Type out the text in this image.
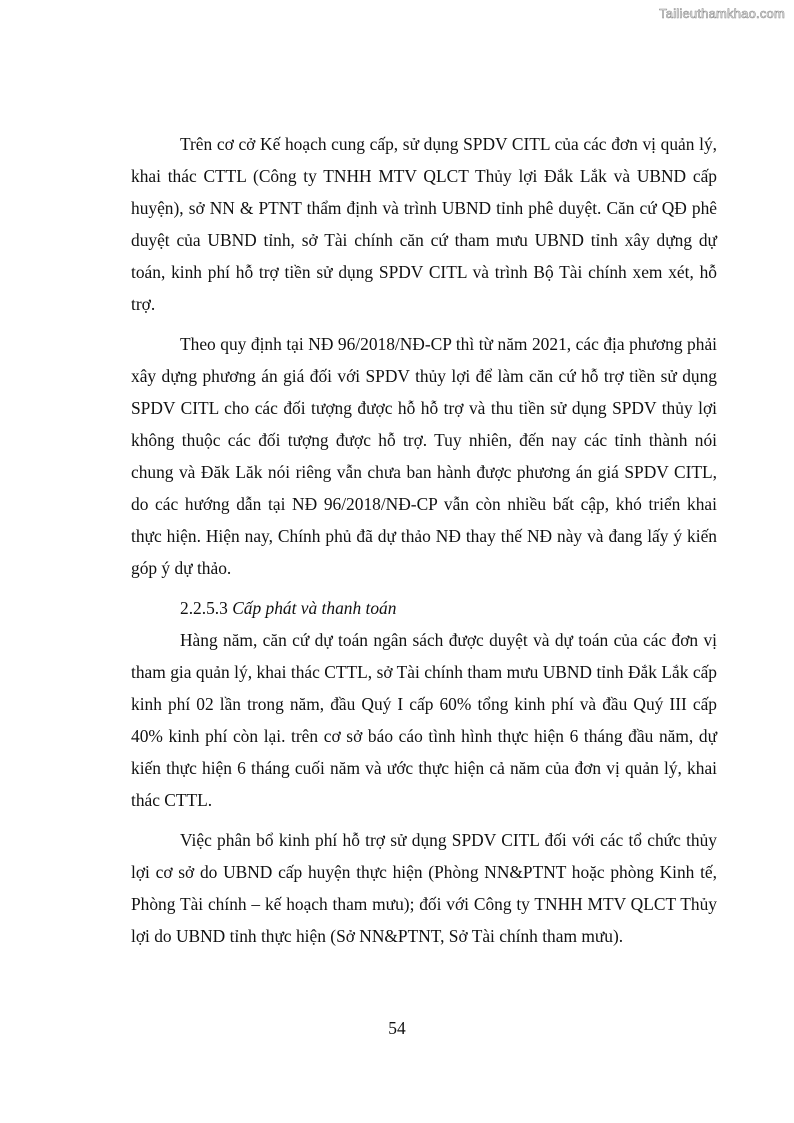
Tailieuthamkhao.com

Trên cơ cở Kế hoạch cung cấp, sử dụng SPDV CITL của các đơn vị quản lý, khai thác CTTL (Công ty TNHH MTV QLCT Thủy lợi Đắk Lắk và UBND cấp huyện), sở NN & PTNT thẩm định và trình UBND tỉnh phê duyệt. Căn cứ QĐ phê duyệt của UBND tỉnh, sở Tài chính căn cứ tham mưu UBND tỉnh xây dựng dự toán, kinh phí hỗ trợ tiền sử dụng SPDV CITL và trình Bộ Tài chính xem xét, hỗ trợ.

Theo quy định tại NĐ 96/2018/NĐ-CP thì từ năm 2021, các địa phương phải xây dựng phương án giá đối với SPDV thủy lợi để làm căn cứ hỗ trợ tiền sử dụng SPDV CITL cho các đối tượng được hỗ hỗ trợ và thu tiền sử dụng SPDV thủy lợi không thuộc các đối tượng được hỗ trợ. Tuy nhiên, đến nay các tỉnh thành nói chung và Đăk Lăk nói riêng vẫn chưa ban hành được phương án giá SPDV CITL, do các hướng dẫn tại NĐ 96/2018/NĐ-CP vẫn còn nhiều bất cập, khó triển khai thực hiện. Hiện nay, Chính phủ đã dự thảo NĐ thay thế NĐ này và đang lấy ý kiến góp ý dự thảo.

2.2.5.3 Cấp phát và thanh toán

Hàng năm, căn cứ dự toán ngân sách được duyệt và dự toán của các đơn vị tham gia quản lý, khai thác CTTL, sở Tài chính tham mưu UBND tỉnh Đắk Lắk cấp kinh phí 02 lần trong năm, đầu Quý I cấp 60% tổng kinh phí và đầu Quý III cấp 40% kinh phí còn lại. trên cơ sở báo cáo tình hình thực hiện 6 tháng đầu năm, dự kiến thực hiện 6 tháng cuối năm và ước thực hiện cả năm của đơn vị quản lý, khai thác CTTL.

Việc phân bổ kinh phí hỗ trợ sử dụng SPDV CITL đối với các tổ chức thủy lợi cơ sở do UBND cấp huyện thực hiện (Phòng NN&PTNT hoặc phòng Kinh tế, Phòng Tài chính – kế hoạch tham mưu); đối với Công ty TNHH MTV QLCT Thủy lợi do UBND tỉnh thực hiện (Sở NN&PTNT, Sở Tài chính tham mưu).

54
